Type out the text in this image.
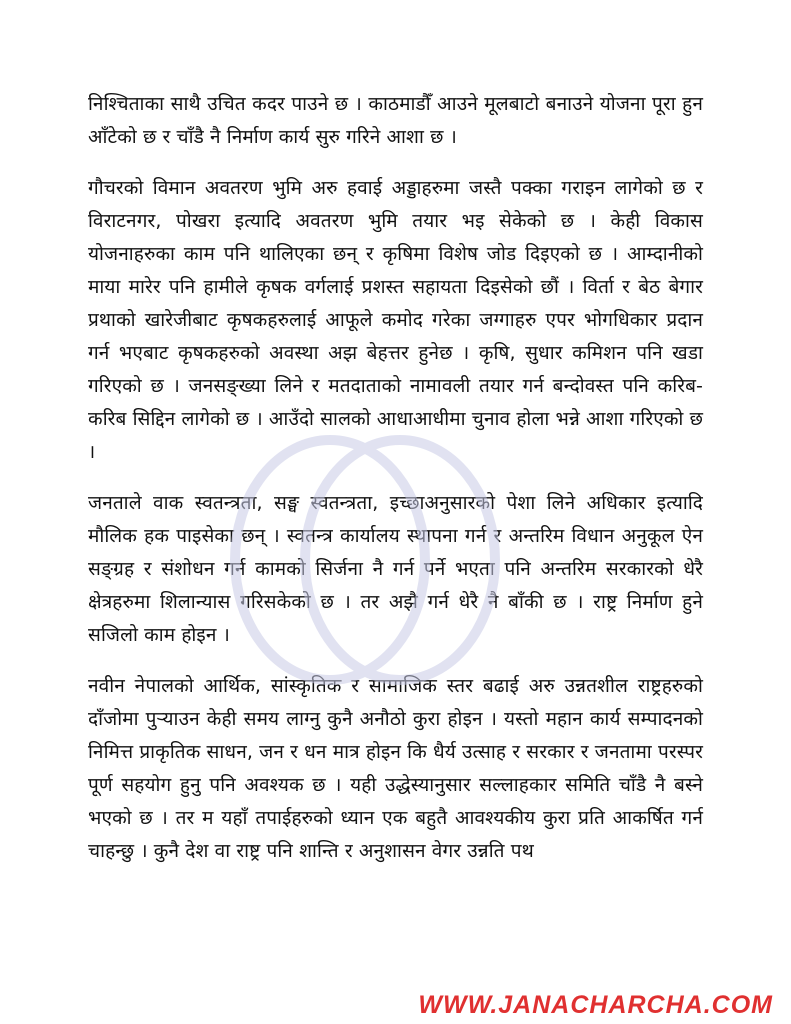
निश्चिताका साथै उचित कदर पाउने छ । काठमाडौँ आउने मूलबाटो बनाउने योजना पूरा हुन आँटेको छ र चाँडै नै निर्माण कार्य सुरु गरिने आशा छ ।

गौचरको विमान अवतरण भुमि अरु हवाई अड्डाहरुमा जस्तै पक्का गराइन लागेको छ र विराटनगर, पोखरा इत्यादि अवतरण भुमि तयार भइ सेकेको छ । केही विकास योजनाहरुका काम पनि थालिएका छन् र कृषिमा विशेष जोड दिइएको छ । आम्दानीको माया मारेर पनि हामीले कृषक वर्गलाई प्रशस्त सहायता दिइसेको छौं । विर्ता र बेठ बेगार प्रथाको खारेजीबाट कृषकहरुलाई आफूले कमोद गरेका जग्गाहरु एपर भोगधिकार प्रदान गर्न भएबाट कृषकहरुको अवस्था अझ बेहत्तर हुनेछ । कृषि, सुधार कमिशन पनि खडा गरिएको छ । जनसङ्ख्या लिने र मतदाताको नामावली तयार गर्न बन्दोवस्त पनि करिब-करिब सिद्दिन लागेको छ । आउँदो सालको आधाआधीमा चुनाव होला भन्ने आशा गरिएको छ ।

जनताले वाक स्वतन्त्रता, सङ्घ स्वतन्त्रता, इच्छाअनुसारको पेशा लिने अधिकार इत्यादि मौलिक हक पाइसेका छन् । स्वतन्त्र कार्यालय स्थापना गर्न र अन्तरिम विधान अनुकूल ऐन सङ्ग्रह र संशोधन गर्न कामको सिर्जना नै गर्न पर्ने भएता पनि अन्तरिम सरकारको धेरै क्षेत्रहरुमा शिलान्यास गरिसकेको छ । तर अझै गर्न धेरै नै बाँकी छ । राष्ट्र निर्माण हुने सजिलो काम होइन ।

नवीन नेपालको आर्थिक, सांस्कृतिक र सामाजिक स्तर बढाई अरु उन्नतशील राष्ट्रहरुको दाँजोमा पुऱ्याउन केही समय लाग्नु कुनै अनौठो कुरा होइन । यस्तो महान कार्य सम्पादनको निमित्त प्राकृतिक साधन, जन र धन मात्र होइन कि धैर्य उत्साह र सरकार र जनतामा परस्पर पूर्ण सहयोग हुनु पनि अवश्यक छ । यही उद्धेस्यानुसार सल्लाहकार समिति चाँडै नै बस्ने भएको छ । तर म यहाँ तपाईहरुको ध्यान एक बहुतै आवश्यकीय कुरा प्रति आकर्षित गर्न चाहन्छु । कुनै देश वा राष्ट्र पनि शान्ति र अनुशासन वेगर उन्नति पथ

WWW.JANACHARCHA.COM
